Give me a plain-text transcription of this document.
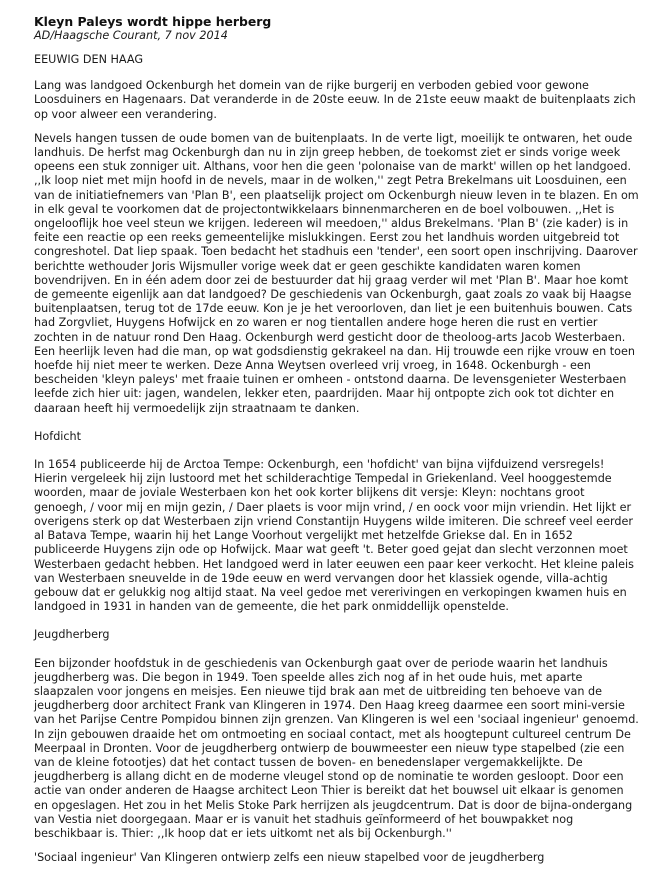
Kleyn Paleys wordt hippe herberg

AD/Haagsche Courant, 7 nov 2014

EEUWIG DEN HAAG

Lang was landgoed Ockenburgh het domein van de rijke burgerij en verboden gebied voor gewone Loosduiners en Hagenaars. Dat veranderde in de 20ste eeuw. In de 21ste eeuw maakt de buitenplaats zich op voor alweer een verandering.

Nevels hangen tussen de oude bomen van de buitenplaats. In de verte ligt, moeilijk te ontwaren, het oude landhuis. De herfst mag Ockenburgh dan nu in zijn greep hebben, de toekomst ziet er sinds vorige week opeens een stuk zonniger uit. Althans, voor hen die geen 'polonaise van de markt' willen op het landgoed. ,,Ik loop niet met mijn hoofd in de nevels, maar in de wolken,'' zegt Petra Brekelmans uit Loosduinen, een van de initiatiefnemers van 'Plan B', een plaatselijk project om Ockenburgh nieuw leven in te blazen. En om in elk geval te voorkomen dat de projectontwikkelaars binnenmarcheren en de boel volbouwen. ,,Het is ongelooflijk hoe veel steun we krijgen. Iedereen wil meedoen,'' aldus Brekelmans. 'Plan B' (zie kader) is in feite een reactie op een reeks gemeentelijke mislukkingen. Eerst zou het landhuis worden uitgebreid tot congreshotel. Dat liep spaak. Toen bedacht het stadhuis een 'tender', een soort open inschrijving. Daarover berichtte wethouder Joris Wijsmuller vorige week dat er geen geschikte kandidaten waren komen bovendrijven. En in één adem door zei de bestuurder dat hij graag verder wil met 'Plan B'. Maar hoe komt de gemeente eigenlijk aan dat landgoed? De geschiedenis van Ockenburgh, gaat zoals zo vaak bij Haagse buitenplaatsen, terug tot de 17de eeuw. Kon je je het veroorloven, dan liet je een buitenhuis bouwen. Cats had Zorgvliet, Huygens Hofwijck en zo waren er nog tientallen andere hoge heren die rust en vertier zochten in de natuur rond Den Haag. Ockenburgh werd gesticht door de theoloog-arts Jacob Westerbaen. Een heerlijk leven had die man, op wat godsdienstig gekrakeel na dan. Hij trouwde een rijke vrouw en toen hoefde hij niet meer te werken. Deze Anna Weytsen overleed vrij vroeg, in 1648. Ockenburgh - een bescheiden 'kleyn paleys' met fraaie tuinen er omheen - ontstond daarna. De levensgenieter Westerbaen leefde zich hier uit: jagen, wandelen, lekker eten, paardrijden. Maar hij ontpopte zich ook tot dichter en daaraan heeft hij vermoedelijk zijn straatnaam te danken.

Hofdicht

In 1654 publiceerde hij de Arctoa Tempe: Ockenburgh, een 'hofdicht' van bijna vijfduizend versregels! Hierin vergeleek hij zijn lustoord met het schilderachtige Tempedal in Griekenland. Veel hooggestemde woorden, maar de joviale Westerbaen kon het ook korter blijkens dit versje: Kleyn: nochtans groot genoegh, / voor mij en mijn gezin, / Daer plaets is voor mijn vrind, / en oock voor mijn vriendin. Het lijkt er overigens sterk op dat Westerbaen zijn vriend Constantijn Huygens wilde imiteren. Die schreef veel eerder al Batava Tempe, waarin hij het Lange Voorhout vergelijkt met hetzelfde Griekse dal. En in 1652 publiceerde Huygens zijn ode op Hofwijck. Maar wat geeft 't. Beter goed gejat dan slecht verzonnen moet Westerbaen gedacht hebben. Het landgoed werd in later eeuwen een paar keer verkocht. Het kleine paleis van Westerbaen sneuvelde in de 19de eeuw en werd vervangen door het klassiek ogende, villa-achtig gebouw dat er gelukkig nog altijd staat. Na veel gedoe met vererivingen en verkopingen kwamen huis en landgoed in 1931 in handen van de gemeente, die het park onmiddellijk openstelde.

Jeugdherberg

Een bijzonder hoofdstuk in de geschiedenis van Ockenburgh gaat over de periode waarin het landhuis jeugdherberg was. Die begon in 1949. Toen speelde alles zich nog af in het oude huis, met aparte slaapzalen voor jongens en meisjes. Een nieuwe tijd brak aan met de uitbreiding ten behoeve van de jeugdherberg door architect Frank van Klingeren in 1974. Den Haag kreeg daarmee een soort mini-versie van het Parijse Centre Pompidou binnen zijn grenzen. Van Klingeren is wel een 'sociaal ingenieur' genoemd. In zijn gebouwen draaide het om ontmoeting en sociaal contact, met als hoogtepunt cultureel centrum De Meerpaal in Dronten. Voor de jeugdherberg ontwierp de bouwmeester een nieuw type stapelbed (zie een van de kleine fotootjes) dat het contact tussen de boven- en benedenslaper vergemakkelijkte. De jeugdherberg is allang dicht en de moderne vleugel stond op de nominatie te worden gesloopt. Door een actie van onder anderen de Haagse architect Leon Thier is bereikt dat het bouwsel uit elkaar is genomen en opgeslagen. Het zou in het Melis Stoke Park herrijzen als jeugdcentrum. Dat is door de bijna-ondergang van Vestia niet doorgegaan. Maar er is vanuit het stadhuis geïnformeerd of het bouwpakket nog beschikbaar is. Thier: ,,Ik hoop dat er iets uitkomt net als bij Ockenburgh.''

'Sociaal ingenieur' Van Klingeren ontwierp zelfs een nieuw stapelbed voor de jeugdherberg
